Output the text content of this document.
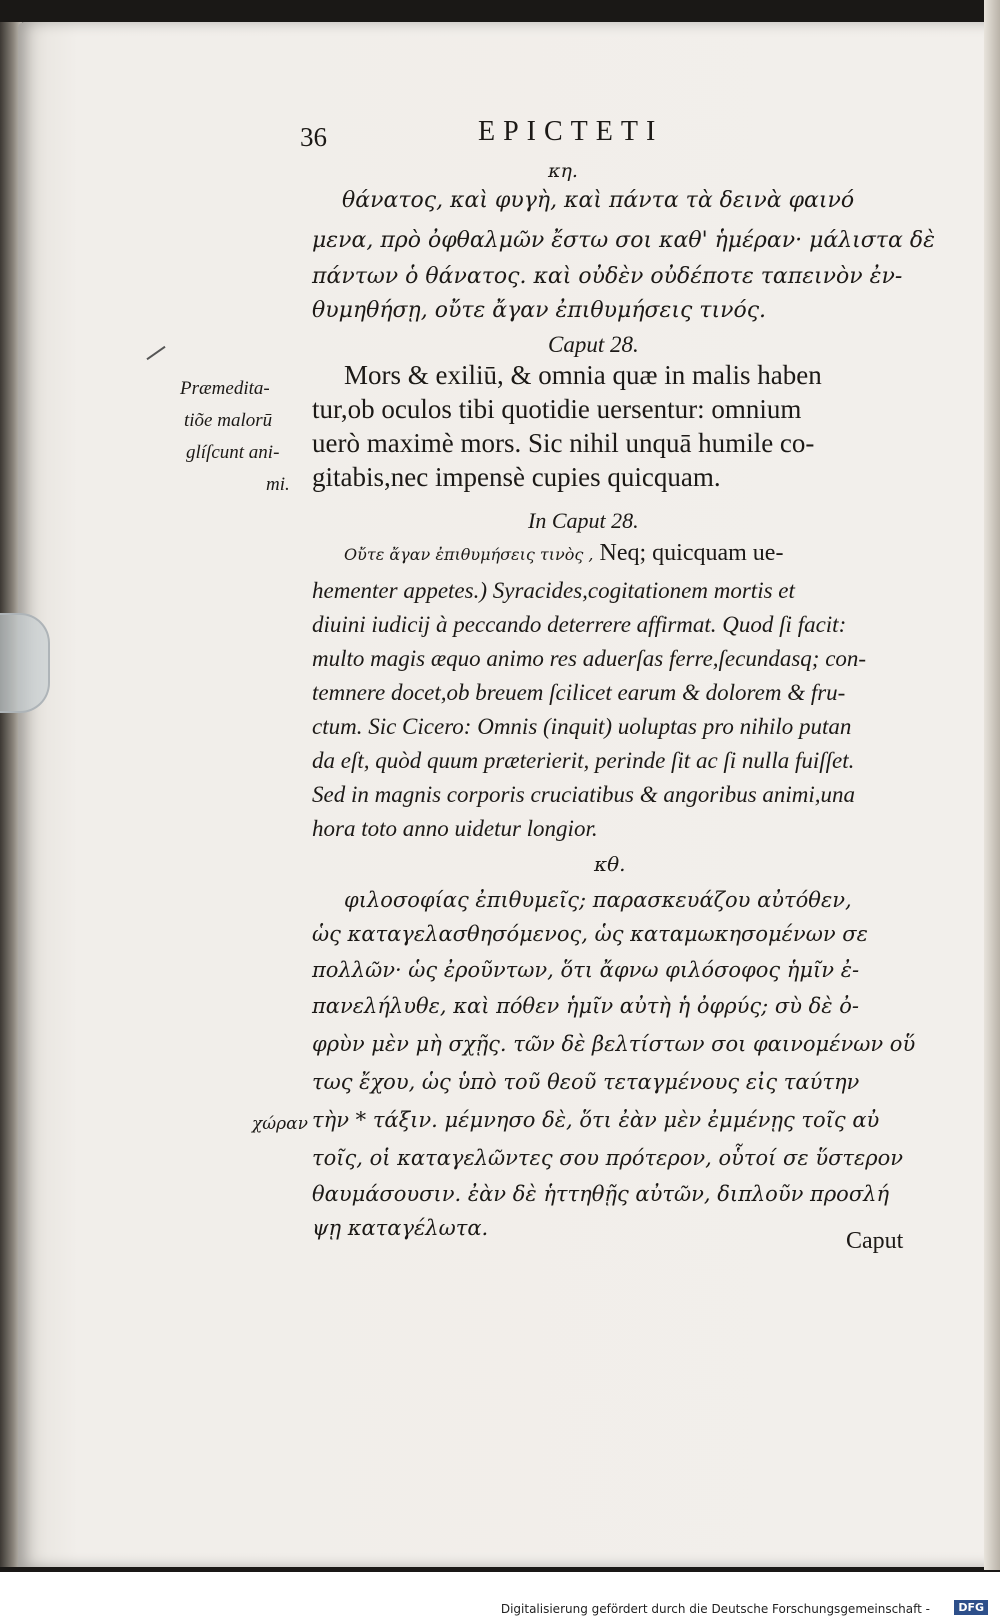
36	EPICTETI

κη.

θάνατος, καὶ φυγὴ, καὶ πάντα τὰ δεινὰ φαινό

μενα, πρὸ ὀφθαλμῶν ἔστω σοι καθ' ἡμέραν· μάλιστα δὲ

πάντων ὁ θάνατος. καὶ οὐδὲν οὐδέποτε ταπεινὸν ἐν-

θυμηθήσῃ, οὔτε ἄγαν ἐπιθυμήσεις τινός.

Caput 28.

Præmedita-

tiõe malorū

glíſcunt ani-

mi.

Mors & exiliū, & omnia quæ in malis haben

tur,ob oculos tibi quotidie uersentur: omnium

uerò maximè mors. Sic nihil unquā humile co-

gitabis,nec impensè cupies quicquam.

In Caput 28.

Οὔτε ἄγαν ἐπιθυμήσεις τινὸς , Neq; quicquam ue-

hementer appetes.) Syracides,cogitationem mortis et

diuini iudicij à peccando deterrere affirmat. Quod ſi facit:

multo magis æquo animo res aduerſas ferre,ſecundasq; con-

temnere docet,ob breuem ſcilicet earum & dolorem & fru-

ctum. Sic Cicero: Omnis (inquit) uoluptas pro nihilo putan

da eſt, quòd quum præterierit, perinde ſit ac ſi nulla fuiſſet.

Sed in magnis corporis cruciatibus & angoribus animi,una

hora toto anno uidetur longior.

κθ.

φιλοσοφίας ἐπιθυμεῖς; παρασκευάζου αὐτόθεν,

ὡς καταγελασθησόμενος, ὡς καταμωκησομένων σε

πολλῶν· ὡς ἐροῦντων, ὅτι ἄφνω φιλόσοφος ἡμῖν ἐ-

πανελήλυθε, καὶ πόθεν ἡμῖν αὐτὴ ἡ ὀφρύς; σὺ δὲ ὀ-

φρὺν μὲν μὴ σχῇς. τῶν δὲ βελτίστων σοι φαινομένων οὕ

τως ἔχου, ὡς ὑπὸ τοῦ θεοῦ τεταγμένους εἰς ταύτην

χώραν τὴν * τάξιν. μέμνησο δὲ, ὅτι ἐὰν μὲν ἐμμένῃς τοῖς αὐ

τοῖς, οἱ καταγελῶντες σου πρότερον, οὗτοί σε ὕστερον

θαυμάσουσιν. ἐὰν δὲ ἡττηθῇς αὐτῶν, διπλοῦν προσλή

ψῃ καταγέλωτα.	Caput

Digitalisierung gefördert durch die Deutsche Forschungsgemeinschaft -	DFG
